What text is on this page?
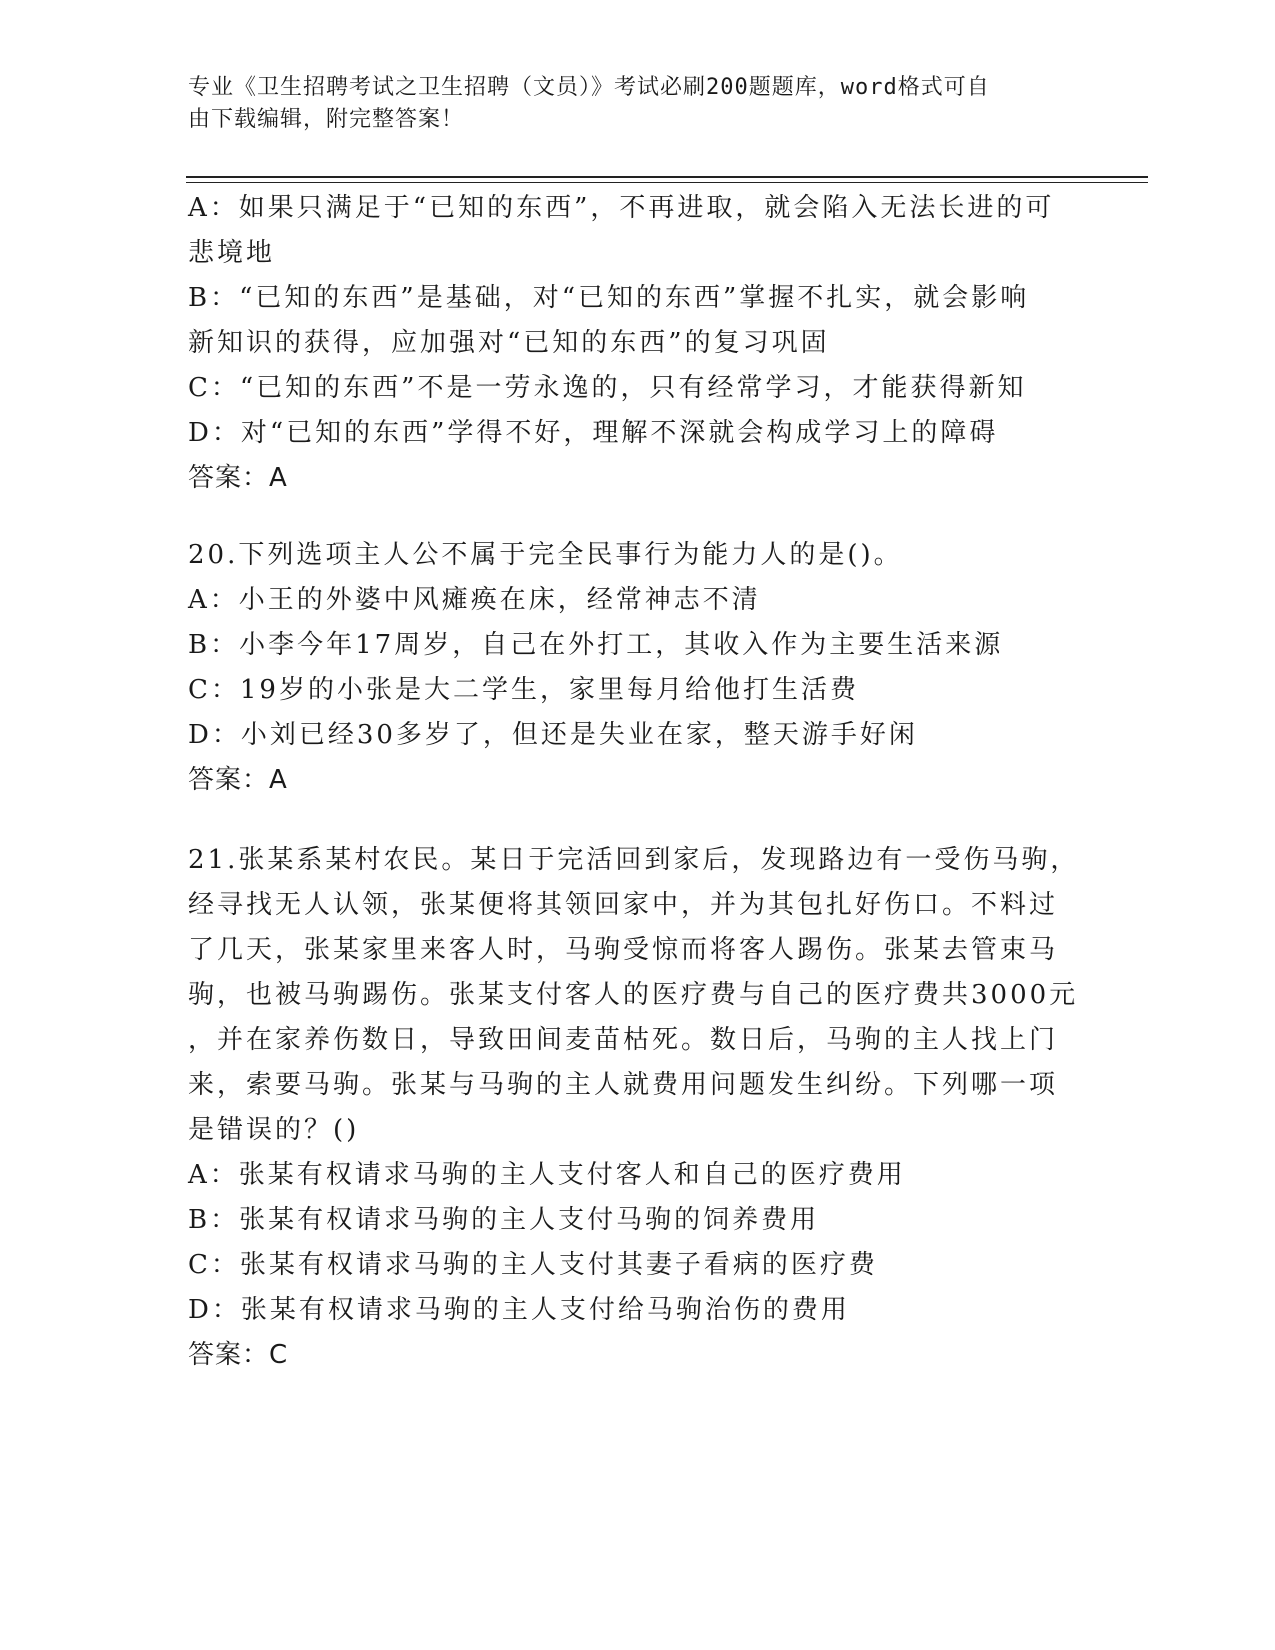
专业《卫生招聘考试之卫生招聘（文员）》考试必刷200题题库，word格式可自
由下载编辑，附完整答案！
A：如果只满足于“已知的东西”，不再进取，就会陷入无法长进的可
悲境地
B：“已知的东西”是基础，对“已知的东西”掌握不扎实，就会影响
新知识的获得，应加强对“已知的东西”的复习巩固
C：“已知的东西”不是一劳永逸的，只有经常学习，才能获得新知
D：对“已知的东西”学得不好，理解不深就会构成学习上的障碍
答案：A
20.下列选项主人公不属于完全民事行为能力人的是()。
A：小王的外婆中风瘫痪在床，经常神志不清
B：小李今年17周岁，自己在外打工，其收入作为主要生活来源
C：19岁的小张是大二学生，家里每月给他打生活费
D：小刘已经30多岁了，但还是失业在家，整天游手好闲
答案：A
21.张某系某村农民。某日于完活回到家后，发现路边有一受伤马驹，
经寻找无人认领，张某便将其领回家中，并为其包扎好伤口。不料过
了几天，张某家里来客人时，马驹受惊而将客人踢伤。张某去管束马
驹，也被马驹踢伤。张某支付客人的医疗费与自己的医疗费共3000元
，并在家养伤数日，导致田间麦苗枯死。数日后，马驹的主人找上门
来，索要马驹。张某与马驹的主人就费用问题发生纠纷。下列哪一项
是错误的？()
A：张某有权请求马驹的主人支付客人和自己的医疗费用
B：张某有权请求马驹的主人支付马驹的饲养费用
C：张某有权请求马驹的主人支付其妻子看病的医疗费
D：张某有权请求马驹的主人支付给马驹治伤的费用
答案：C
